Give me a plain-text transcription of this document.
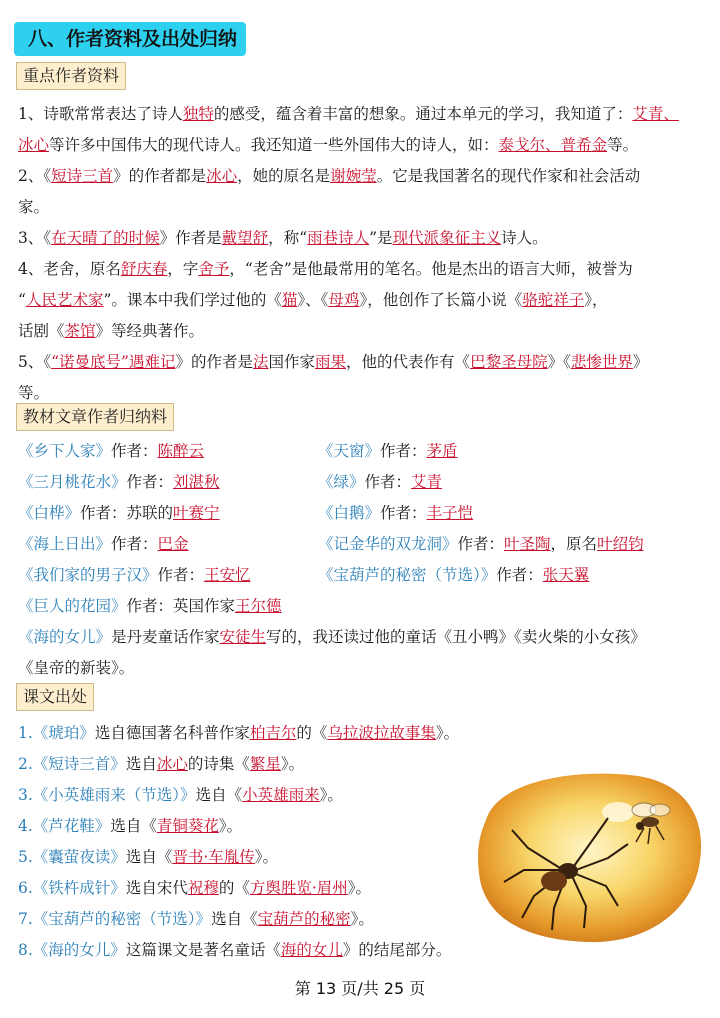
八、作者资料及出处归纳
重点作者资料
1、诗歌常常表达了诗人独特的感受，蕴含着丰富的想象。通过本单元的学习，我知道了：艾青、
冰心等许多中国伟大的现代诗人。我还知道一些外国伟大的诗人，如：泰戈尔、普希金等。
2、《短诗三首》的作者都是冰心，她的原名是谢婉莹。它是我国著名的现代作家和社会活动
家。
3、《在天晴了的时候》作者是戴望舒，称“雨巷诗人”是现代派象征主义诗人。
4、老舍，原名舒庆春，字舍予，“老舍”是他最常用的笔名。他是杰出的语言大师，被誉为
“人民艺术家”。课本中我们学过他的《猫》、《母鸡》，他创作了长篇小说《骆驼祥子》，
话剧《茶馆》等经典著作。
5、《“诺曼底号”遇难记》的作者是法国作家雨果，他的代表作有《巴黎圣母院》《悲惨世界》
等。
教材文章作者归纳料
《乡下人家》作者：陈醉云	《天窗》作者：茅盾
《三月桃花水》作者：刘湛秋	《绿》作者：艾青
《白桦》作者：苏联的叶赛宁	《白鹅》作者：丰子恺
《海上日出》作者：巴金	《记金华的双龙洞》作者：叶圣陶，原名叶绍钧
《我们家的男子汉》作者：王安忆	《宝葫芦的秘密（节选）》作者：张天翼
《巨人的花园》作者：英国作家王尔德
《海的女儿》是丹麦童话作家安徒生写的，我还读过他的童话《丑小鸭》《卖火柴的小女孩》
《皇帝的新装》。
课文出处
1.《琥珀》选自德国著名科普作家柏吉尔的《乌拉波拉故事集》。
2.《短诗三首》选自冰心的诗集《繁星》。
3.《小英雄雨来（节选）》选自《小英雄雨来》。
4.《芦花鞋》选自《青铜葵花》。
5.《囊萤夜读》选自《晋书·车胤传》。
6.《铁杵成针》选自宋代祝穆的《方舆胜览·眉州》。
7.《宝葫芦的秘密（节选）》选自《宝葫芦的秘密》。
8.《海的女儿》这篇课文是著名童话《海的女儿》的结尾部分。
第 13 页/共 25 页
